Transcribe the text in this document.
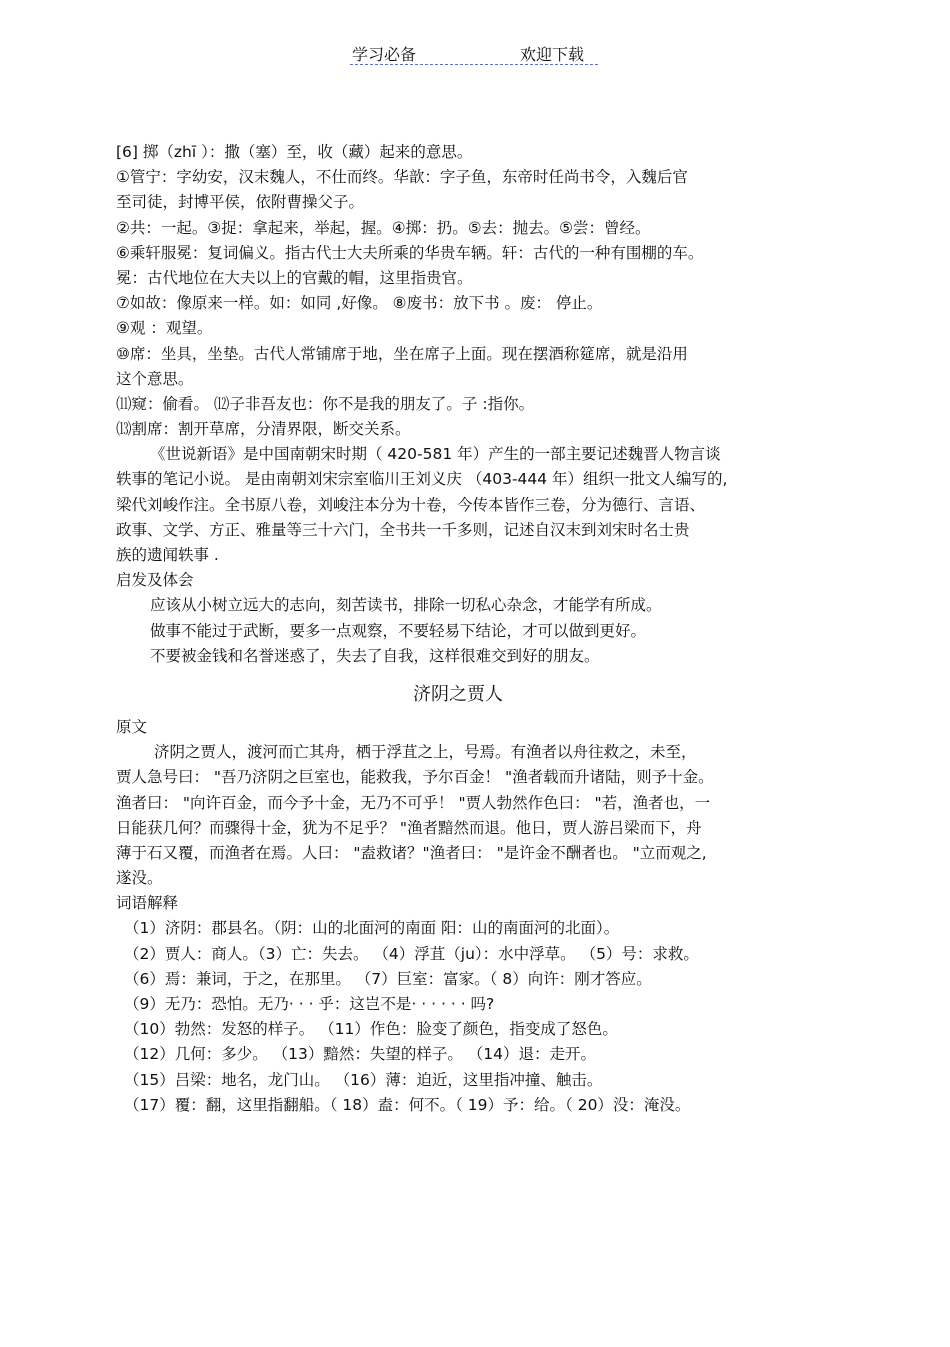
学习必备	欢迎下载
[6] 掷（zhī ）：撒（塞）至，收（藏）起来的意思。
①管宁：字幼安，汉末魏人，不仕而终。华歆：字子鱼，东帝时任尚书令，入魏后官
至司徒，封博平侯，依附曹操父子。
②共：一起。③捉：拿起来，举起，握。④掷：扔。⑤去：抛去。⑤尝：曾经。
⑥乘轩服冕：复词偏义。指古代士大夫所乘的华贵车辆。轩：古代的一种有围棚的车。
冕：古代地位在大夫以上的官戴的帽，这里指贵官。
⑦如故：像原来一样。如：如同 ,好像。 ⑧废书：放下书 。废： 停止。
⑨观 ：观望。
⑩席：坐具，坐垫。古代人常铺席于地，坐在席子上面。现在摆酒称筵席，就是沿用
这个意思。
⑾窥：偷看。 ⑿子非吾友也：你不是我的朋友了。子 :指你。
⒀割席：割开草席，分清界限，断交关系。
《世说新语》是中国南朝宋时期（ 420-581 年）产生的一部主要记述魏晋人物言谈
轶事的笔记小说。 是由南朝刘宋宗室临川王刘义庆 （403-444 年）组织一批文人编写的,
梁代刘峻作注。全书原八卷，刘峻注本分为十卷，今传本皆作三卷，分为德行、言语、
政事、文学、方正、雅量等三十六门，全书共一千多则，记述自汉末到刘宋时名士贵
族的遗闻轶事 .
启发及体会
应该从小树立远大的志向，刻苦读书，排除一切私心杂念，才能学有所成。
做事不能过于武断，要多一点观察，不要轻易下结论，才可以做到更好。
不要被金钱和名誉迷惑了，失去了自我，这样很难交到好的朋友。
济阴之贾人
原文
济阴之贾人，渡河而亡其舟，栖于浮苴之上，号焉。有渔者以舟往救之，未至，
贾人急号曰： "吾乃济阴之巨室也，能救我，予尔百金！ "渔者载而升诸陆，则予十金。
渔者曰： "向许百金，而今予十金，无乃不可乎！ "贾人勃然作色曰： "若，渔者也，一
日能获几何？而骤得十金，犹为不足乎？ "渔者黯然而退。他日，贾人游吕梁而下，舟
薄于石又覆，而渔者在焉。人曰： "盍救诸？"渔者曰： "是许金不酬者也。 "立而观之,
遂没。
词语解释
（1）济阴：郡县名。（阴：山的北面河的南面 阳：山的南面河的北面）。
（2）贾人：商人。（3）亡：失去。 （4）浮苴（ju）：水中浮草。 （5）号：求救。
（6）焉：兼词，于之，在那里。 （7）巨室：富家。（ 8）向许：刚才答应。
（9）无乃：恐怕。无乃· · · 乎：这岂不是· · · · · · 吗?
（10）勃然：发怒的样子。 （11）作色：脸变了颜色，指变成了怒色。
（12）几何：多少。 （13）黯然：失望的样子。 （14）退：走开。
（15）吕梁：地名，龙门山。 （16）薄：迫近，这里指冲撞、触击。
（17）覆：翻，这里指翻船。（ 18）盍：何不。（ 19）予：给。（ 20）没：淹没。
